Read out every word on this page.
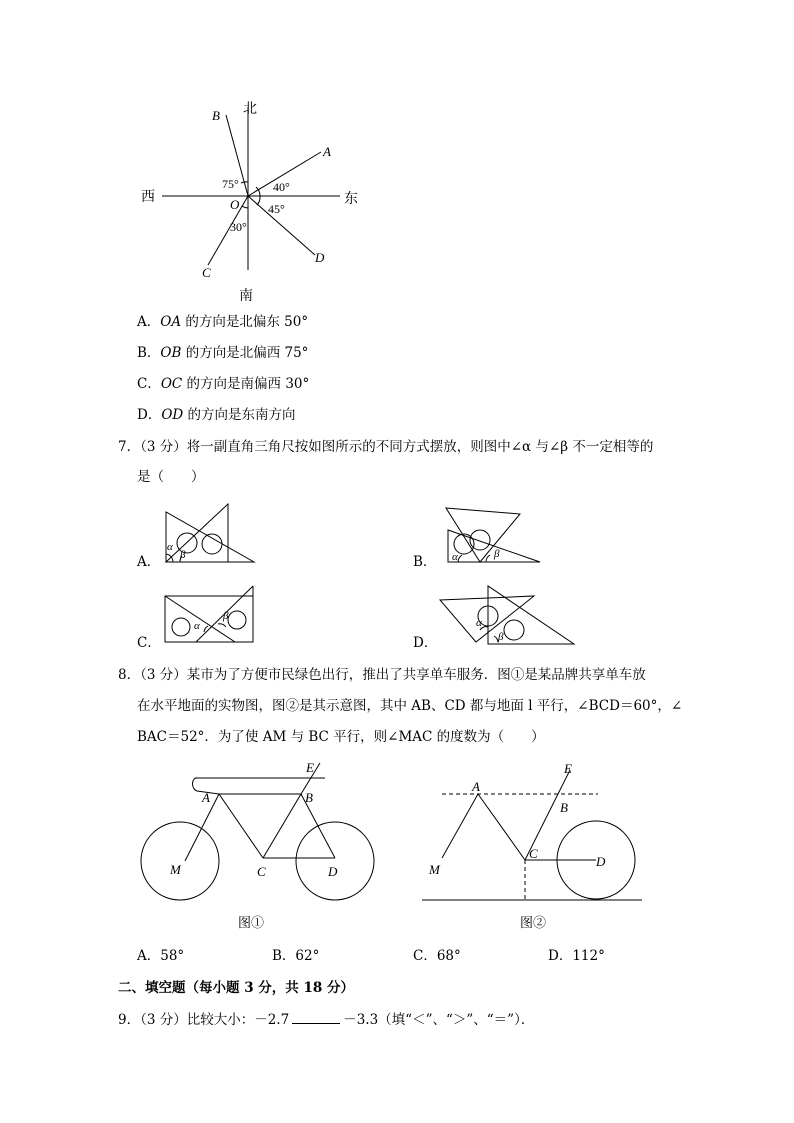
北
南
西	东
A
B
C
D
O
75°	40°
45°
30°
A．OA 的方向是北偏东 50°
B．OB 的方向是北偏西 75°
C．OC 的方向是南偏西 30°
D．OD 的方向是东南方向
7．（3 分）将一副直角三角尺按如图所示的不同方式摆放，则图中∠α 与∠β 不一定相等的
是（　　）
A．
α
β	B． α	β
C．
α
β
D．
α
β
8．（3 分）某市为了方便市民绿色出行，推出了共享单车服务．图①是某品牌共享单车放
在水平地面的实物图，图②是其示意图，其中 AB、CD 都与地面 l 平行，∠BCD＝60°，∠
BAC＝52°．为了使 AM 与 BC 平行，则∠MAC 的度数为（　　）
A	B
C	D
E
M
图①
A
B
C
D
E
M
图②
A．58°	B．62°	C．68°	D．112°
二、填空题（每小题 3 分，共 18 分）
9．（3 分）比较大小：－2.7	－3.3（填“＜”、“＞”、“＝”）．
